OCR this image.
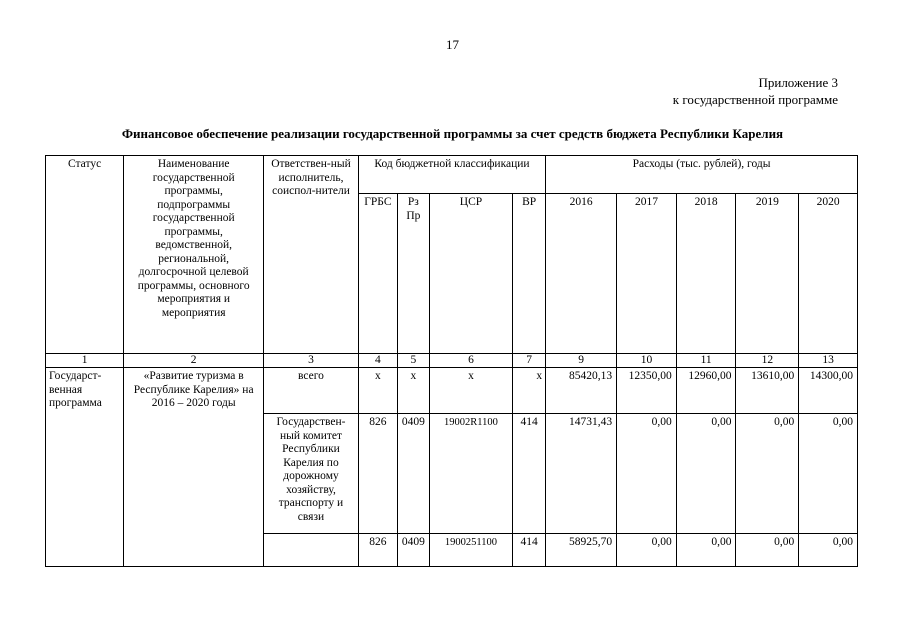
17
Приложение 3
к государственной программе
Финансовое обеспечение реализации государственной программы за счет средств бюджета Республики Карелия
Статус	Наименование государственной программы, подпрограммы государственной программы, ведомственной, региональной, долгосрочной целевой программы, основного мероприятия и мероприятия	Ответствен-ный исполнитель, соиспол-нители	Код бюджетной классификации				Расходы (тыс. рублей), годы				
			ГРБС	Рз Пр	ЦСР	ВР	2016	2017	2018	2019	2020
1	2	3	4	5	6	7	9	10	11	12	13
Государст-венная программа	«Развитие туризма в Республике Карелия» на 2016 – 2020 годы	всего	х	х	х	х	85420,13	12350,00	12960,00	13610,00	14300,00
		Государствен-ный комитет Республики Карелия по дорожному хозяйству, транспорту и связи	826	0409	19002R1100	414	14731,43	0,00	0,00	0,00	0,00
			826	0409	1900251100	414	58925,70	0,00	0,00	0,00	0,00
